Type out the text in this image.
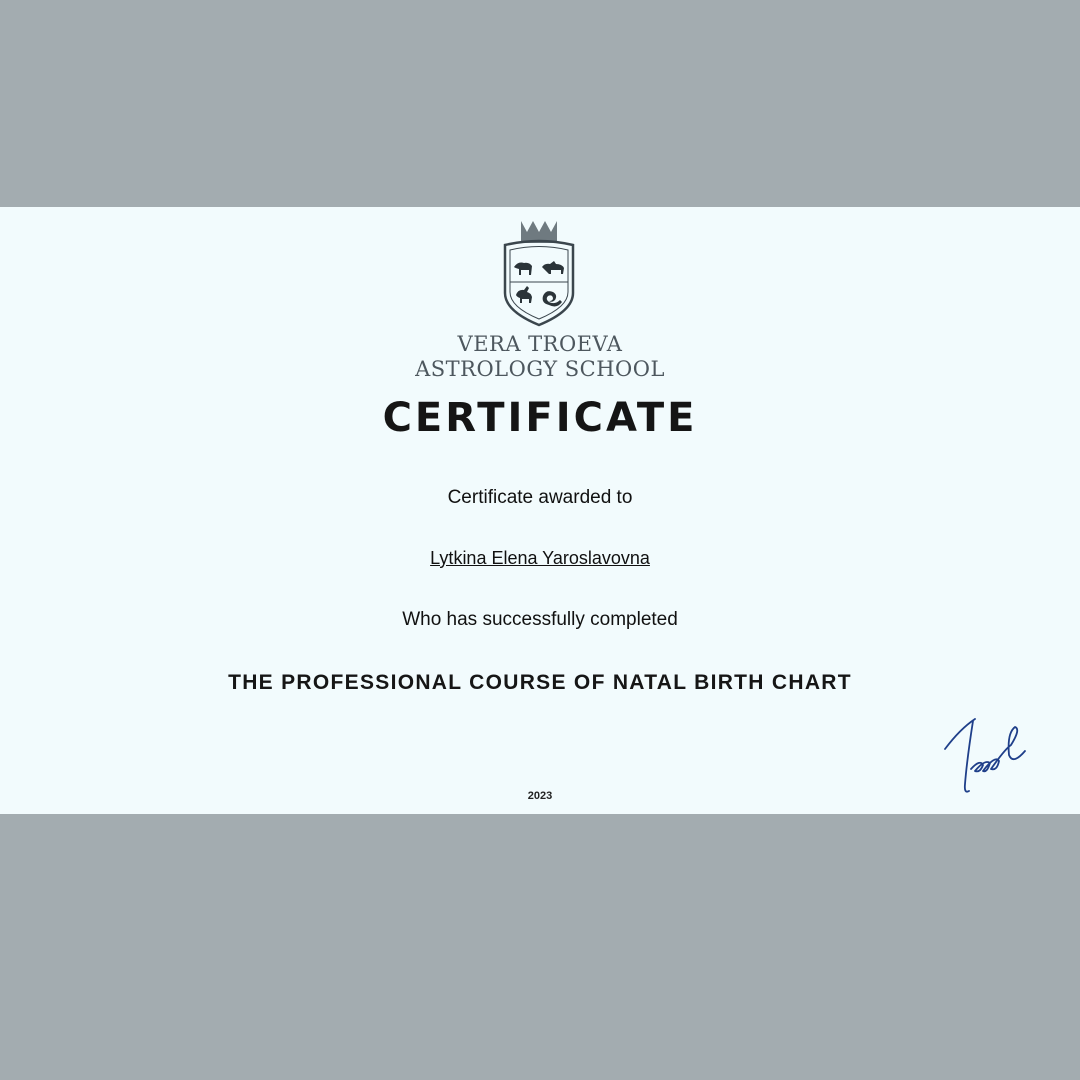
VERA TROEVA
ASTROLOGY SCHOOL
CERTIFICATE
Certificate awarded to
Lytkina Elena Yaroslavovna
Who has successfully completed
THE PROFESSIONAL COURSE OF NATAL BIRTH CHART
2023
